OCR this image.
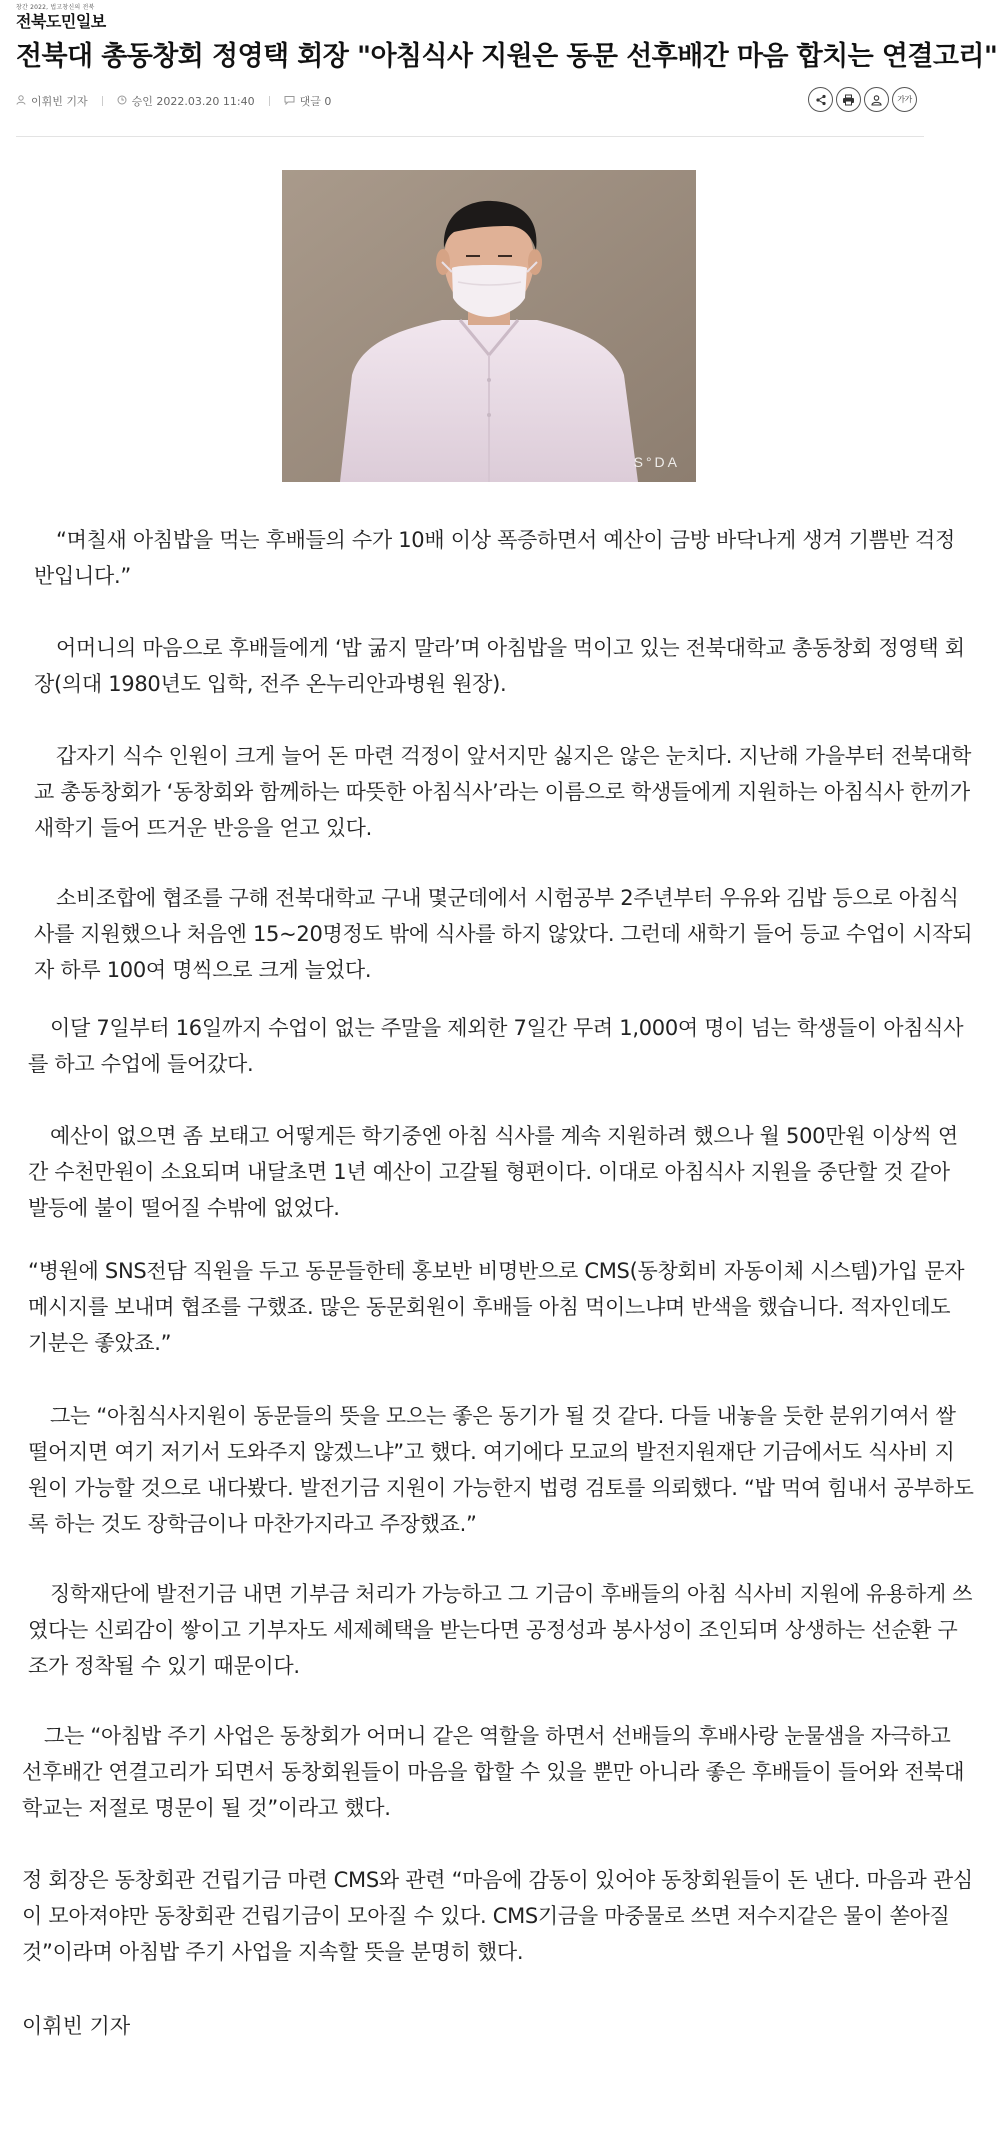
창간 2022, 법고창신의 전북
전북도민일보
전북대 총동창회 정영택 회장 "아침식사 지원은 동문 선후배간 마음 합치는 연결고리"
이휘빈 기자	승인 2022.03.20 11:40	댓글 0	가가
S°DA

“며칠새 아침밥을 먹는 후배들의 수가 10배 이상 폭증하면서 예산이 금방 바닥나게 생겨 기쁨반 걱정반입니다.”

어머니의 마음으로 후배들에게 ‘밥 굶지 말라’며 아침밥을 먹이고 있는 전북대학교 총동창회 정영택 회장(의대 1980년도 입학, 전주 온누리안과병원 원장).

갑자기 식수 인원이 크게 늘어 돈 마련 걱정이 앞서지만 싫지은 않은 눈치다. 지난해 가을부터 전북대학교 총동창회가 ‘동창회와 함께하는 따뜻한 아침식사’라는 이름으로 학생들에게 지원하는 아침식사 한끼가 새학기 들어 뜨거운 반응을 얻고 있다.

소비조합에 협조를 구해 전북대학교 구내 몇군데에서 시험공부 2주년부터 우유와 김밥 등으로 아침식사를 지원했으나 처음엔 15~20명정도 밖에 식사를 하지 않았다. 그런데 새학기 들어 등교 수업이 시작되자 하루 100여 명씩으로 크게 늘었다.

이달 7일부터 16일까지 수업이 없는 주말을 제외한 7일간 무려 1,000여 명이 넘는 학생들이 아침식사를 하고 수업에 들어갔다.

예산이 없으면 좀 보태고 어떻게든 학기중엔 아침 식사를 계속 지원하려 했으나 월 500만원 이상씩 연간 수천만원이 소요되며 내달초면 1년 예산이 고갈될 형편이다. 이대로 아침식사 지원을 중단할 것 같아 발등에 불이 떨어질 수밖에 없었다.

“병원에 SNS전담 직원을 두고 동문들한테 홍보반 비명반으로 CMS(동창회비 자동이체 시스템)가입 문자 메시지를 보내며 협조를 구했죠. 많은 동문회원이 후배들 아침 먹이느냐며 반색을 했습니다. 적자인데도 기분은 좋았죠.”

그는 “아침식사지원이 동문들의 뜻을 모으는 좋은 동기가 될 것 같다. 다들 내놓을 듯한 분위기여서 쌀 떨어지면 여기 저기서 도와주지 않겠느냐”고 했다. 여기에다 모교의 발전지원재단 기금에서도 식사비 지원이 가능할 것으로 내다봤다. 발전기금 지원이 가능한지 법령 검토를 의뢰했다. “밥 먹여 힘내서 공부하도록 하는 것도 장학금이나 마찬가지라고 주장했죠.”

징학재단에 발전기금 내면 기부금 처리가 가능하고 그 기금이 후배들의 아침 식사비 지원에 유용하게 쓰였다는 신뢰감이 쌓이고 기부자도 세제혜택을 받는다면 공정성과 봉사성이 조인되며 상생하는 선순환 구조가 정착될 수 있기 때문이다.

그는 “아침밥 주기 사업은 동창회가 어머니 같은 역할을 하면서 선배들의 후배사랑 눈물샘을 자극하고 선후배간 연결고리가 되면서 동창회원들이 마음을 합할 수 있을 뿐만 아니라 좋은 후배들이 들어와 전북대학교는 저절로 명문이 될 것”이라고 했다.

정 회장은 동창회관 건립기금 마련 CMS와 관련 “마음에 감동이 있어야 동창회원들이 돈 낸다. 마음과 관심이 모아져야만 동창회관 건립기금이 모아질 수 있다. CMS기금을 마중물로 쓰면 저수지같은 물이 쏟아질 것”이라며 아침밥 주기 사업을 지속할 뜻을 분명히 했다.

이휘빈 기자
